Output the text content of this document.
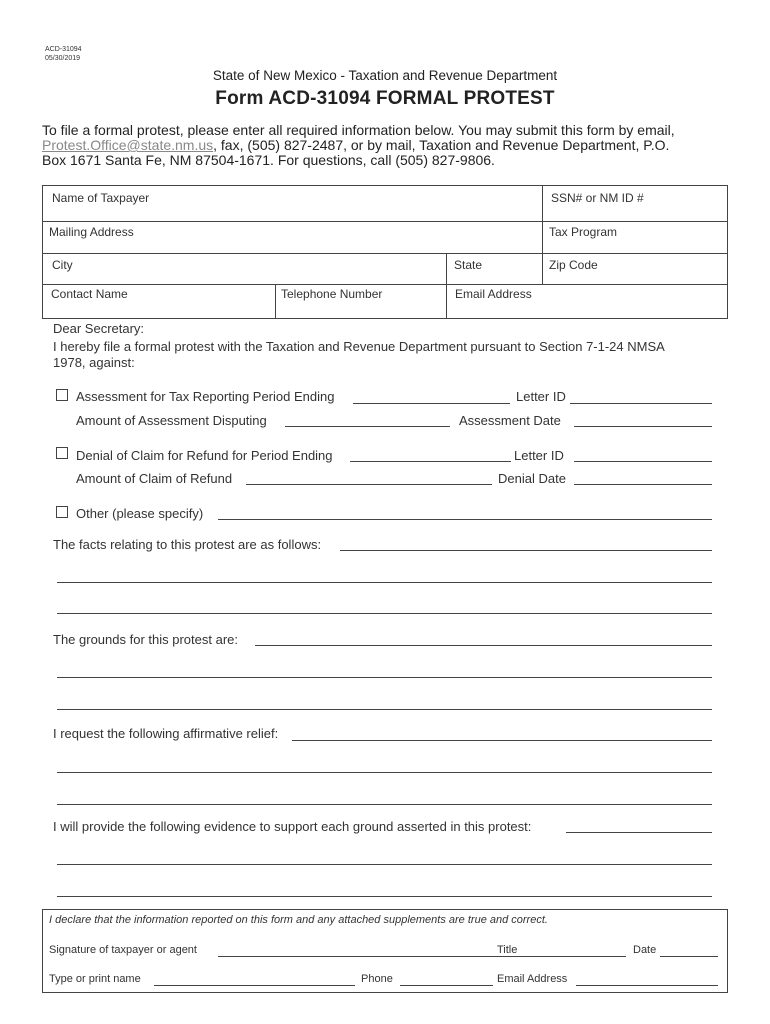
ACD-31094
05/30/2019
State of New Mexico - Taxation and Revenue Department
Form ACD-31094 FORMAL PROTEST
To file a formal protest, please enter all required information below. You may submit this form by email,
Protest.Office@state.nm.us, fax, (505) 827-2487, or by mail, Taxation and Revenue Department, P.O.
Box 1671 Santa Fe, NM 87504-1671. For questions, call (505) 827-9806.
Name of Taxpayer	SSN# or NM ID #
Mailing Address	Tax Program
City	State	Zip Code
Contact Name	Telephone Number	Email Address
Dear Secretary:
I hereby file a formal protest with the Taxation and Revenue Department pursuant to Section 7-1-24 NMSA
1978, against:
Assessment for Tax Reporting Period Ending	Letter ID
Amount of Assessment Disputing	Assessment Date
Denial of Claim for Refund for Period Ending	Letter ID
Amount of Claim of Refund	Denial Date
Other (please specify)
The facts relating to this protest are as follows:
The grounds for this protest are:
I request the following affirmative relief:
I will provide the following evidence to support each ground asserted in this protest:
I declare that the information reported on this form and any attached supplements are true and correct.
Signature of taxpayer or agent	Title	Date
Type or print name	Phone	Email Address
